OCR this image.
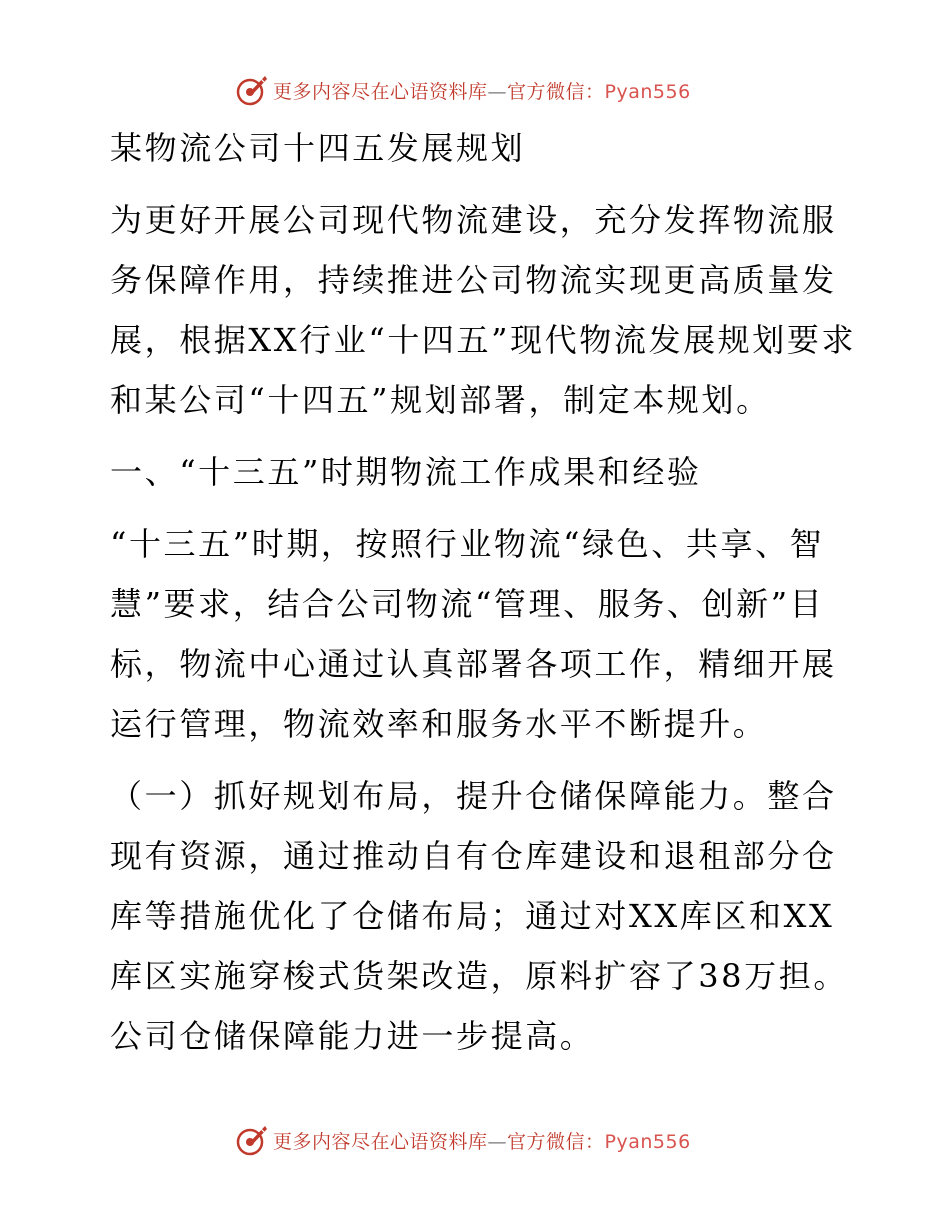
更多内容尽在心语资料库—官方微信：Pyan556

某物流公司十四五发展规划

为更好开展公司现代物流建设，充分发挥物流服务保障作用，持续推进公司物流实现更高质量发展，根据XX行业“十四五”现代物流发展规划要求和某公司“十四五”规划部署，制定本规划。

一、“十三五”时期物流工作成果和经验

“十三五”时期，按照行业物流“绿色、共享、智慧”要求，结合公司物流“管理、服务、创新”目标，物流中心通过认真部署各项工作，精细开展运行管理，物流效率和服务水平不断提升。

（一）抓好规划布局，提升仓储保障能力。整合现有资源，通过推动自有仓库建设和退租部分仓库等措施优化了仓储布局；通过对XX库区和XX库区实施穿梭式货架改造，原料扩容了38万担。公司仓储保障能力进一步提高。

更多内容尽在心语资料库—官方微信：Pyan556
